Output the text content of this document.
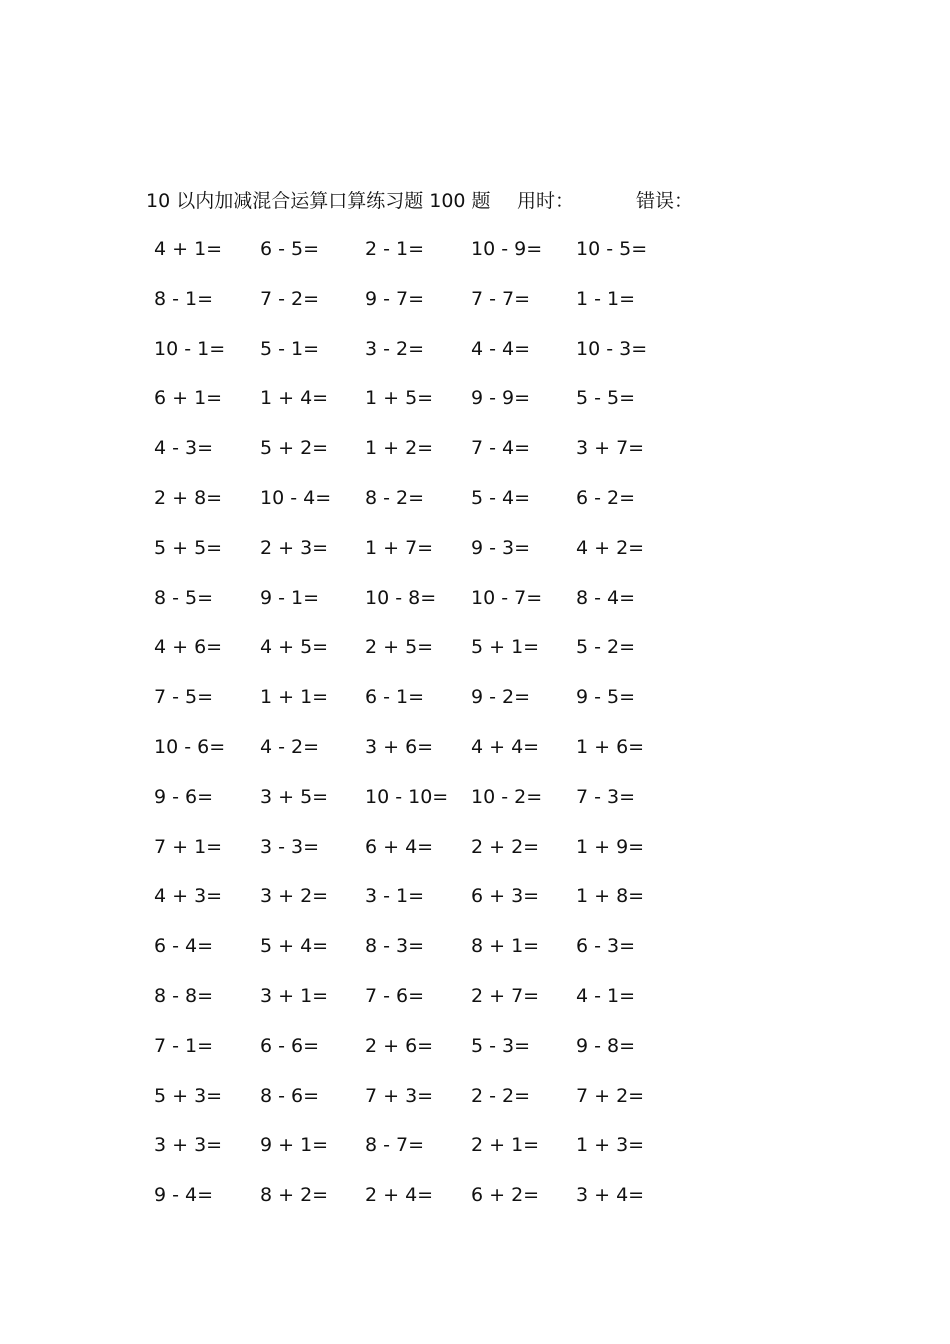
10 以内加减混合运算口算练习题 100 题 用时：	错误：
4 + 1= 6 - 5= 2 - 1= 10 - 9= 10 - 5=
8 - 1= 7 - 2= 9 - 7= 7 - 7= 1 - 1=
10 - 1= 5 - 1= 3 - 2= 4 - 4= 10 - 3=
6 + 1= 1 + 4= 1 + 5= 9 - 9= 5 - 5=
4 - 3= 5 + 2= 1 + 2= 7 - 4= 3 + 7=
2 + 8= 10 - 4= 8 - 2= 5 - 4= 6 - 2=
5 + 5= 2 + 3= 1 + 7= 9 - 3= 4 + 2=
8 - 5= 9 - 1= 10 - 8= 10 - 7= 8 - 4=
4 + 6= 4 + 5= 2 + 5= 5 + 1= 5 - 2=
7 - 5= 1 + 1= 6 - 1= 9 - 2= 9 - 5=
10 - 6= 4 - 2= 3 + 6= 4 + 4= 1 + 6=
9 - 6= 3 + 5= 10 - 10= 10 - 2= 7 - 3=
7 + 1= 3 - 3= 6 + 4= 2 + 2= 1 + 9=
4 + 3= 3 + 2= 3 - 1= 6 + 3= 1 + 8=
6 - 4= 5 + 4= 8 - 3= 8 + 1= 6 - 3=
8 - 8= 3 + 1= 7 - 6= 2 + 7= 4 - 1=
7 - 1= 6 - 6= 2 + 6= 5 - 3= 9 - 8=
5 + 3= 8 - 6= 7 + 3= 2 - 2= 7 + 2=
3 + 3= 9 + 1= 8 - 7= 2 + 1= 1 + 3=
9 - 4= 8 + 2= 2 + 4= 6 + 2= 3 + 4=
